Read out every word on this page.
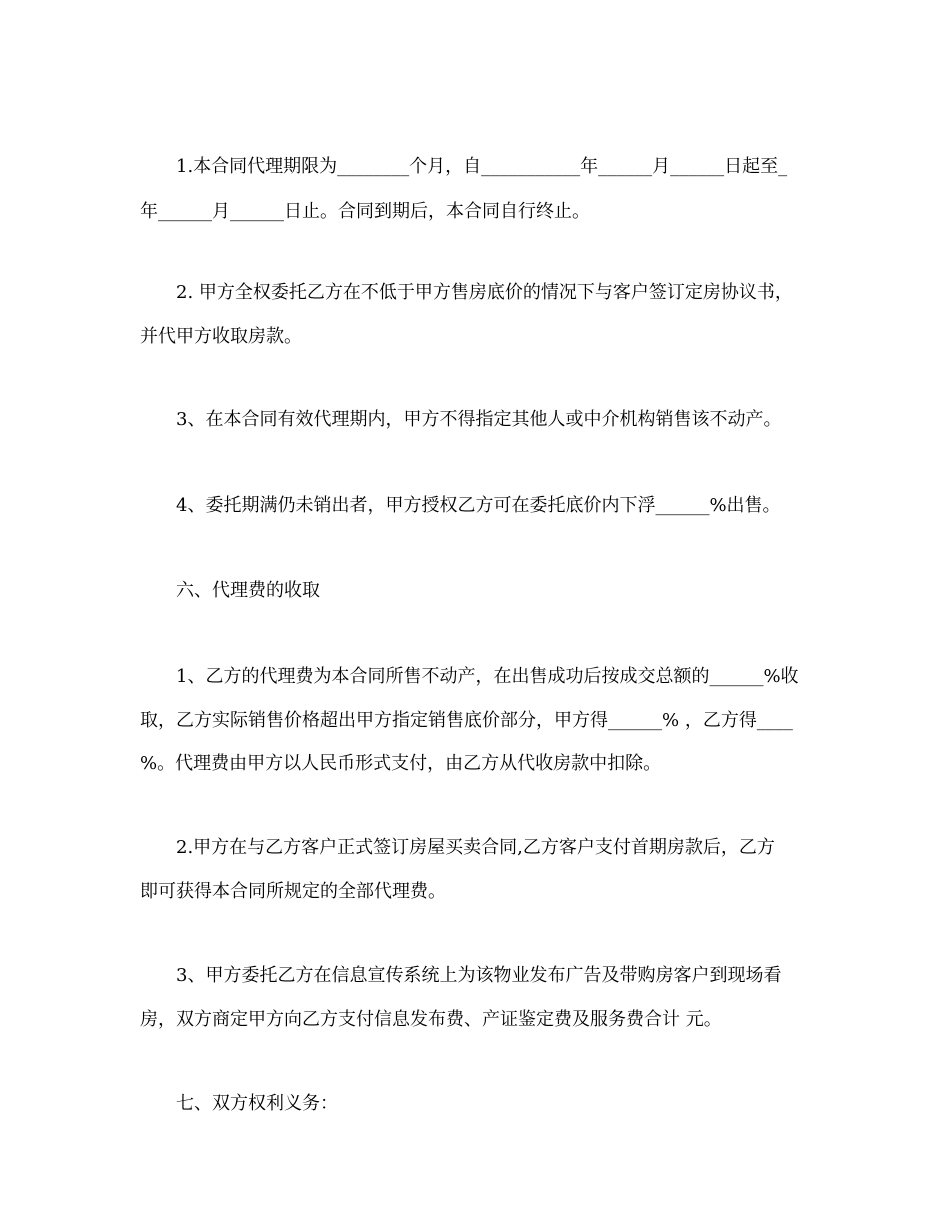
　　1.本合同代理期限为________个月，自___________年______月______日起至_
年______月______日止。合同到期后，本合同自行终止。
　　2. 甲方全权委托乙方在不低于甲方售房底价的情况下与客户签订定房协议书，
并代甲方收取房款。
　　3、在本合同有效代理期内，甲方不得指定其他人或中介机构销售该不动产。
　　4、委托期满仍未销出者，甲方授权乙方可在委托底价内下浮______%出售。
　　六、代理费的收取
　　1、乙方的代理费为本合同所售不动产，在出售成功后按成交总额的______%收
取，乙方实际销售价格超出甲方指定销售底价部分，甲方得______% ，乙方得____
%。代理费由甲方以人民币形式支付，由乙方从代收房款中扣除。
　　2.甲方在与乙方客户正式签订房屋买卖合同,乙方客户支付首期房款后，乙方
即可获得本合同所规定的全部代理费。
　　3、甲方委托乙方在信息宣传系统上为该物业发布广告及带购房客户到现场看
房，双方商定甲方向乙方支付信息发布费、产证鉴定费及服务费合计 元。
　　七、双方权利义务：
